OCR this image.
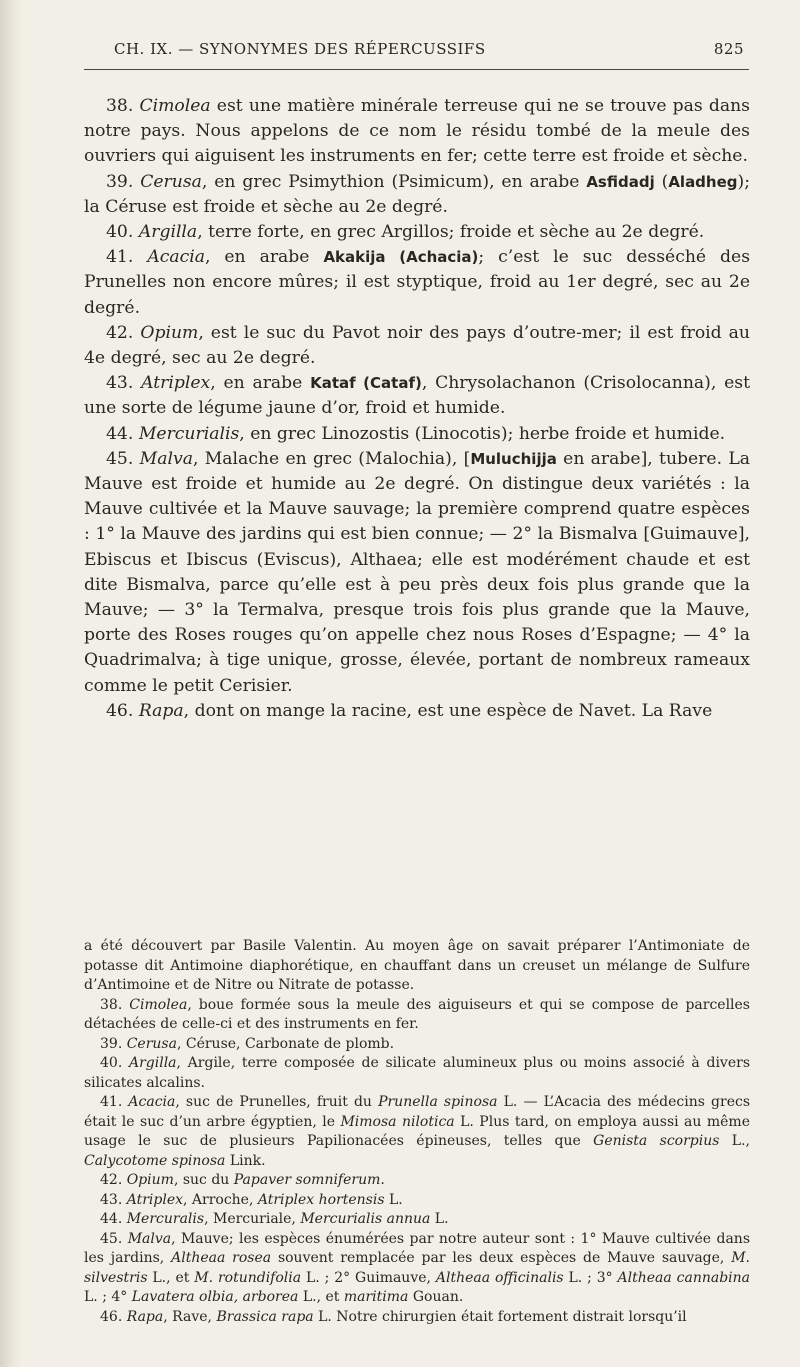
CH. IX. — SYNONYMES DES RÉPERCUSSIFS	825

38. Cimolea est une matière minérale terreuse qui ne se trouve pas dans notre pays. Nous appelons de ce nom le résidu tombé de la meule des ouvriers qui aiguisent les instruments en fer; cette terre est froide et sèche.

39. Cerusa, en grec Psimythion (Psimicum), en arabe Asfidadj (Aladheg); la Céruse est froide et sèche au 2e degré.

40. Argilla, terre forte, en grec Argillos; froide et sèche au 2e degré.

41. Acacia, en arabe Akakija (Achacia); c’est le suc desséché des Prunelles non encore mûres; il est styptique, froid au 1er degré, sec au 2e degré.

42. Opium, est le suc du Pavot noir des pays d’outre-mer; il est froid au 4e degré, sec au 2e degré.

43. Atriplex, en arabe Kataf (Cataf), Chrysolachanon (Crisolocanna), est une sorte de légume jaune d’or, froid et humide.

44. Mercurialis, en grec Linozostis (Linocotis); herbe froide et humide.

45. Malva, Malache en grec (Malochia), [Muluchijja en arabe], tubere. La Mauve est froide et humide au 2e degré. On distingue deux variétés : la Mauve cultivée et la Mauve sauvage; la première comprend quatre espèces : 1° la Mauve des jardins qui est bien connue; — 2° la Bismalva [Guimauve], Ebiscus et Ibiscus (Eviscus), Althaea; elle est modérément chaude et est dite Bismalva, parce qu’elle est à peu près deux fois plus grande que la Mauve; — 3° la Termalva, presque trois fois plus grande que la Mauve, porte des Roses rouges qu’on appelle chez nous Roses d’Espagne; — 4° la Quadrimalva; à tige unique, grosse, élevée, portant de nombreux rameaux comme le petit Cerisier.

46. Rapa, dont on mange la racine, est une espèce de Navet. La Rave

a été découvert par Basile Valentin. Au moyen âge on savait préparer l’Antimoniate de potasse dit Antimoine diaphorétique, en chauffant dans un creuset un mélange de Sulfure d’Antimoine et de Nitre ou Nitrate de potasse.

38. Cimolea, boue formée sous la meule des aiguiseurs et qui se compose de parcelles détachées de celle-ci et des instruments en fer.

39. Cerusa, Céruse, Carbonate de plomb.

40. Argilla, Argile, terre composée de silicate alumineux plus ou moins associé à divers silicates alcalins.

41. Acacia, suc de Prunelles, fruit du Prunella spinosa L. — L’Acacia des médecins grecs était le suc d’un arbre égyptien, le Mimosa nilotica L. Plus tard, on employa aussi au même usage le suc de plusieurs Papilionacées épineuses, telles que Genista scorpius L., Calycotome spinosa Link.

42. Opium, suc du Papaver somniferum.

43. Atriplex, Arroche, Atriplex hortensis L.

44. Mercuralis, Mercuriale, Mercurialis annua L.

45. Malva, Mauve; les espèces énumérées par notre auteur sont : 1° Mauve cultivée dans les jardins, Altheaa rosea souvent remplacée par les deux espèces de Mauve sauvage, M. silvestris L., et M. rotundifolia L. ; 2° Guimauve, Altheaa officinalis L. ; 3° Altheaa cannabina L. ; 4° Lavatera olbia, arborea L., et maritima Gouan.

46. Rapa, Rave, Brassica rapa L. Notre chirurgien était fortement distrait lorsqu’il
